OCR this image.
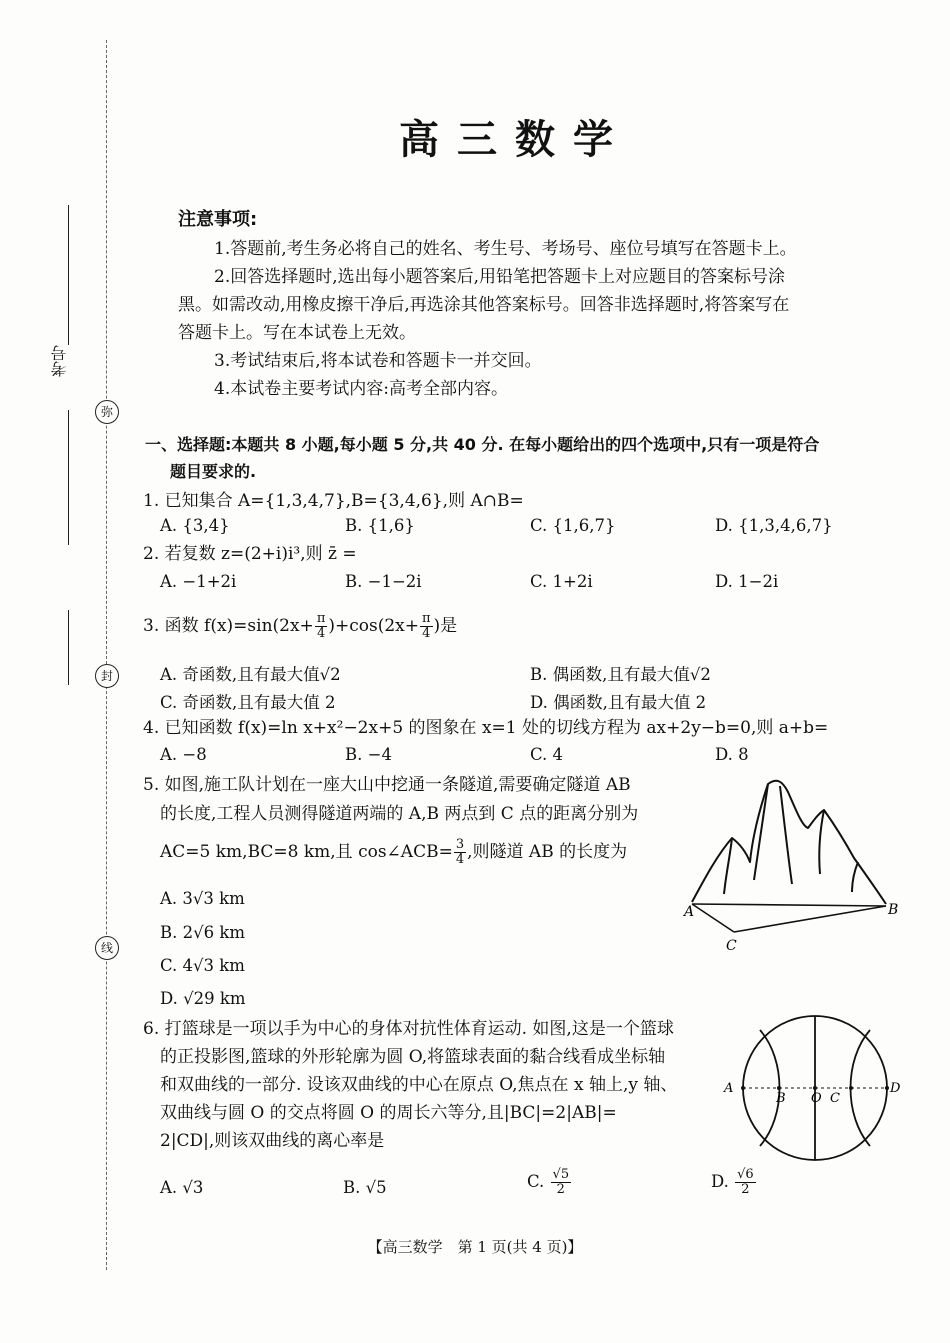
考号
弥
封
线
高三数学
注意事项:
1.答题前,考生务必将自己的姓名、考生号、考场号、座位号填写在答题卡上。
2.回答选择题时,选出每小题答案后,用铅笔把答题卡上对应题目的答案标号涂
黑。如需改动,用橡皮擦干净后,再选涂其他答案标号。回答非选择题时,将答案写在
答题卡上。写在本试卷上无效。
3.考试结束后,将本试卷和答题卡一并交回。
4.本试卷主要考试内容:高考全部内容。
一、选择题:本题共 8 小题,每小题 5 分,共 40 分. 在每小题给出的四个选项中,只有一项是符合
题目要求的.
1. 已知集合 A={1,3,4,7},B={3,4,6},则 A∩B=
A. {3,4}	B. {1,6}	C. {1,6,7}	D. {1,3,4,6,7}
2. 若复数 z=(2+i)i³,则 z̄ =
A. −1+2i	B. −1−2i	C. 1+2i	D. 1−2i
3. 函数 $f(x)=\sin(2x+ \frac{\pi}{4} )+\cos(2x+ \frac{\pi}{4}$ )是
A. 奇函数,且有最大值√2	B. 偶函数,且有最大值√2
C. 奇函数,且有最大值 2	D. 偶函数,且有最大值 2
4. 已知函数 f(x)=ln x+x²−2x+5 的图象在 x=1 处的切线方程为 ax+2y−b=0,则 a+b=
A. −8	B. −4	C. 4	D. 8
5. 如图,施工队计划在一座大山中挖通一条隧道,需要确定隧道 AB
的长度,工程人员测得隧道两端的 A,B 两点到 C 点的距离分别为
AC=5 km,BC=8 km,且 cos∠ACB= $\frac{3}{4}$ ,则隧道 AB 的长度为
A. 3√3 km
B. 2√6 km
C. 4√3 km
D. √29 km
A	B
C
6. 打篮球是一项以手为中心的身体对抗性体育运动. 如图,这是一个篮球
的正投影图,篮球的外形轮廓为圆 O,将篮球表面的黏合线看成坐标轴
和双曲线的一部分. 设该双曲线的中心在原点 O,焦点在 x 轴上,y 轴、
双曲线与圆 O 的交点将圆 O 的周长六等分,且|BC|=2|AB|=
2|CD|,则该双曲线的离心率是
A. √3	B. √5	C. $\frac{√5}{2}$	D. $\frac{√6}{2}$
A
B O C
D
【高三数学　第 1 页(共 4 页)】
